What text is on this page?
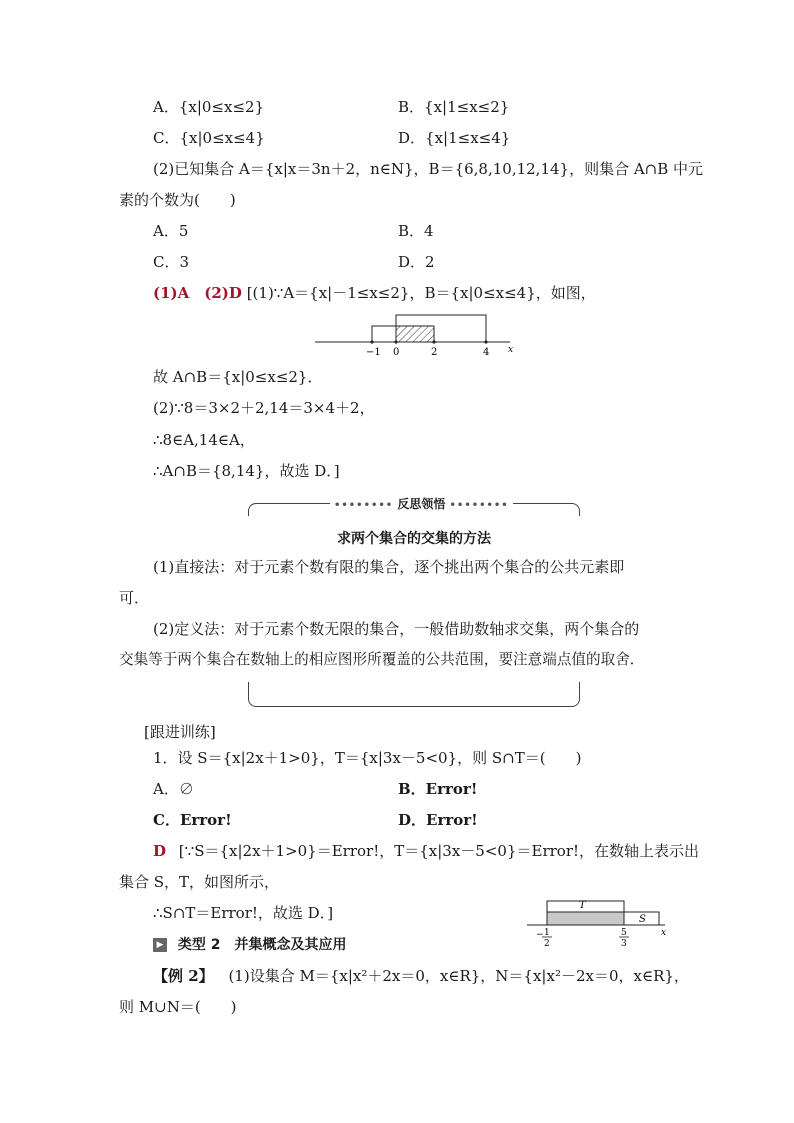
A．{x|0≤x≤2}	B．{x|1≤x≤2}
C．{x|0≤x≤4}	D．{x|1≤x≤4}
(2)已知集合 A＝{x|x＝3n＋2，n∈N}，B＝{6,8,10,12,14}，则集合 A∩B 中元
素的个数为(　　)
A．5	B．4
C．3	D．2
(1)A　(2)D [(1)∵A＝{x|－1≤x≤2}，B＝{x|0≤x≤4}，如图，
−1 0	2	4 x
故 A∩B＝{x|0≤x≤2}．
(2)∵8＝3×2＋2,14＝3×4＋2，
∴8∈A,14∈A，
∴A∩B＝{8,14}，故选 D．]
•••••••• 反思领悟 ••••••••
求两个集合的交集的方法
(1)直接法：对于元素个数有限的集合，逐个挑出两个集合的公共元素即
可．
(2)定义法：对于元素个数无限的集合，一般借助数轴求交集，两个集合的
交集等于两个集合在数轴上的相应图形所覆盖的公共范围，要注意端点值的取舍．
[跟进训练]
1．设 S＝{x|2x＋1>0}，T＝{x|3x－5<0}，则 S∩T＝(　　)
A．∅	B．Error!
C．Error!	D．Error!
D [∵S＝{x|2x＋1>0}＝Error!，T＝{x|3x－5<0}＝Error!，在数轴上表示出
集合 S，T，如图所示，
∴S∩T＝Error!，故选 D．]	T
S
− 1
2
5
3
x
▶ 类型 2　并集概念及其应用
【例 2】 (1)设集合 M＝{x|x²＋2x＝0，x∈R}，N＝{x|x²－2x＝0，x∈R}，
则 M∪N＝(　　)
